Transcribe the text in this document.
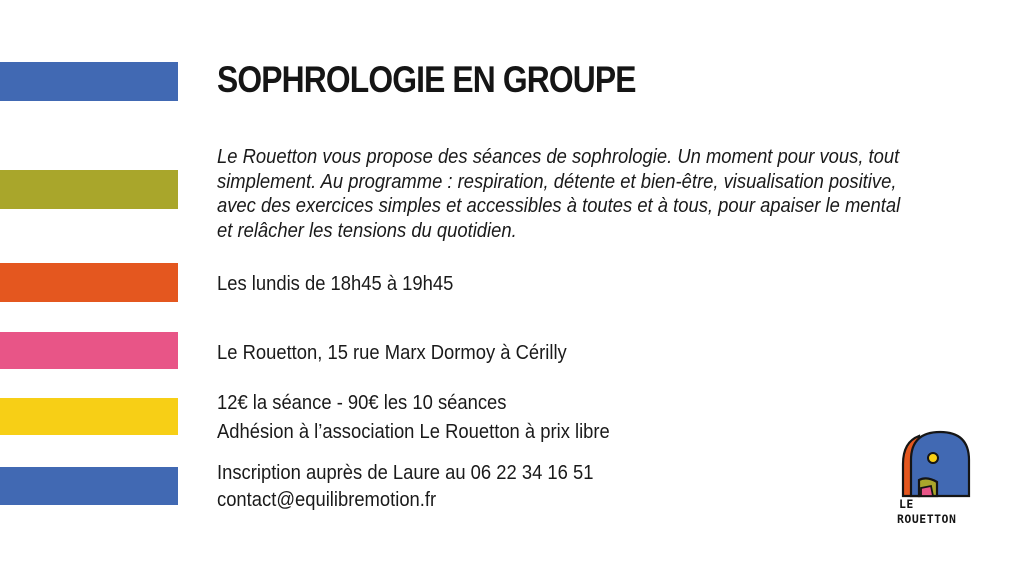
SOPHROLOGIE EN GROUPE

Le Rouetton vous propose des séances de sophrologie. Un moment pour vous, tout simplement. Au programme : respiration, détente et bien-être, visualisation positive, avec des exercices simples et accessibles à toutes et à tous, pour apaiser le mental et relâcher les tensions du quotidien.

Les lundis de 18h45 à 19h45

Le Rouetton, 15 rue Marx Dormoy à Cérilly

12€ la séance - 90€ les 10 séances

Adhésion à l’association Le Rouetton à prix libre

Inscription auprès de Laure au 06 22 34 16 51

contact@equilibremotion.fr	LE
ROUETTON
